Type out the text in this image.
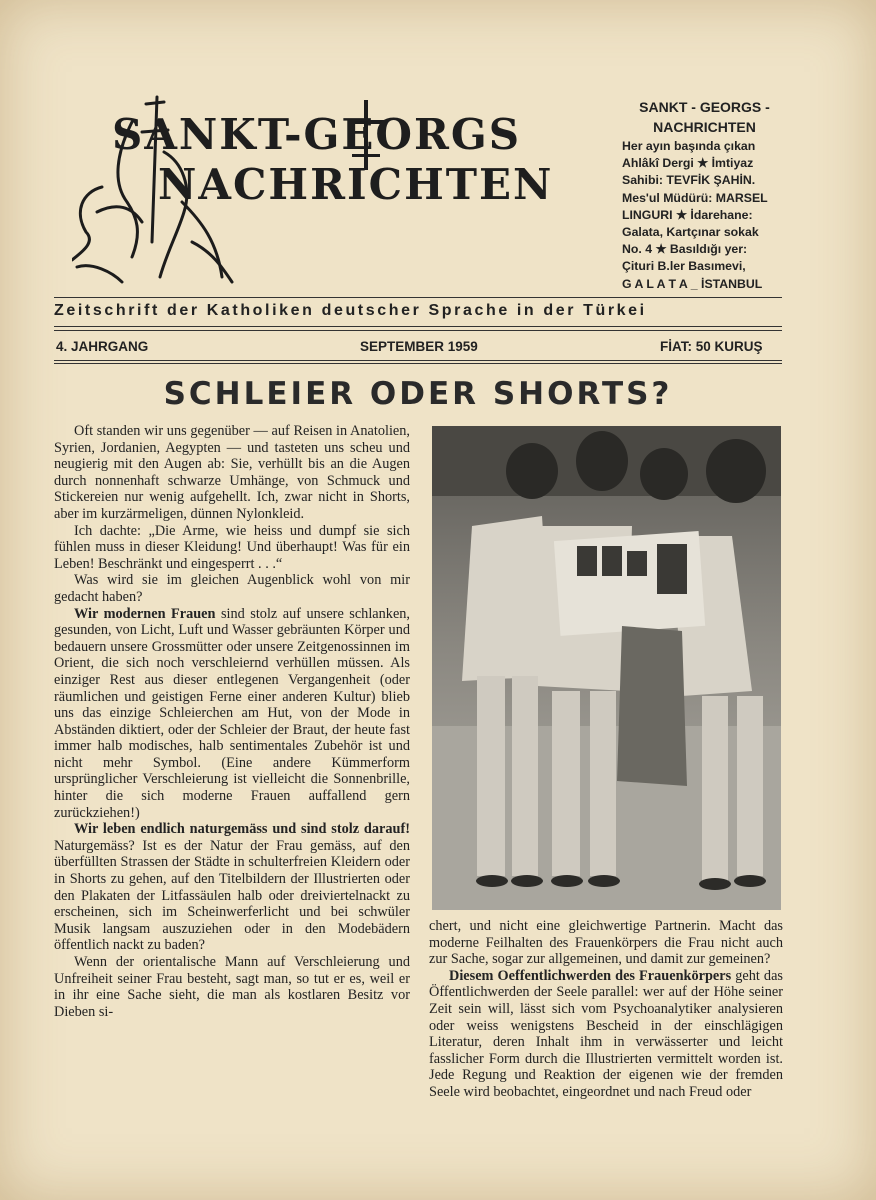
SANKT-GEORGS
NACHRICHTEN
SANKT - GEORGS -
NACHRICHTEN
Her ayın başında çıkan
Ahlâkî Dergi ★ İmtiyaz
Sahibi: TEVFİK ŞAHİN.
Mes'ul Müdürü: MARSEL
LINGURI ★ İdarehane:
Galata, Kartçınar sokak
No. 4 ★ Basıldığı yer:
Çituri B.ler Basımevi,
G A L A T A _ İSTANBUL
Zeitschrift der Katholiken deutscher Sprache in der Türkei
4. JAHRGANG	SEPTEMBER 1959	FİAT: 50 KURUŞ
SCHLEIER ODER SHORTS?

Oft standen wir uns gegenüber — auf Reisen in Anatolien, Syrien, Jordanien, Aegypten — und tasteten uns scheu und neugierig mit den Augen ab: Sie, verhüllt bis an die Augen durch nonnenhaft schwarze Umhänge, von Schmuck und Stickereien nur wenig aufgehellt. Ich, zwar nicht in Shorts, aber im kurzärmeligen, dünnen Nylonkleid.

Ich dachte: „Die Arme, wie heiss und dumpf sie sich fühlen muss in dieser Kleidung! Und überhaupt! Was für ein Leben! Beschränkt und eingesperrt . . .“

Was wird sie im gleichen Augenblick wohl von mir gedacht haben?

Wir modernen Frauen sind stolz auf unsere schlanken, gesunden, von Licht, Luft und Wasser gebräunten Körper und bedauern unsere Grossmütter oder unsere Zeitgenossinnen im Orient, die sich noch verschleiernd verhüllen müssen. Als einziger Rest aus dieser entlegenen Vergangenheit (oder räumlichen und geistigen Ferne einer anderen Kultur) blieb uns das einzige Schleierchen am Hut, von der Mode in Abständen diktiert, oder der Schleier der Braut, der heute fast immer halb modisches, halb sentimentales Zubehör ist und nicht mehr Symbol. (Eine andere Kümmerform ursprünglicher Verschleierung ist vielleicht die Sonnenbrille, hinter die sich moderne Frauen auffallend gern zurückziehen!)

Wir leben endlich naturgemäss und sind stolz darauf! Naturgemäss? Ist es der Natur der Frau gemäss, auf den überfüllten Strassen der Städte in schulterfreien Kleidern oder in Shorts zu gehen, auf den Titelbildern der Illustrierten oder den Plakaten der Litfassäulen halb oder dreiviertelnackt zu erscheinen, sich im Scheinwerferlicht und bei schwüler Musik langsam auszuziehen oder in den Modebädern öffentlich nackt zu baden?

Wenn der orientalische Mann auf Verschleierung und Unfreiheit seiner Frau besteht, sagt man, so tut er es, weil er in ihr eine Sache sieht, die man als kostlaren Besitz vor Dieben si-

chert, und nicht eine gleichwertige Partnerin. Macht das moderne Feilhalten des Frauenkörpers die Frau nicht auch zur Sache, sogar zur allgemeinen, und damit zur gemeinen?

Diesem Oeffentlichwerden des Frauenkörpers geht das Öffentlichwerden der Seele parallel: wer auf der Höhe seiner Zeit sein will, lässt sich vom Psychoanalytiker analysieren oder weiss wenigstens Bescheid in der einschlägigen Literatur, deren Inhalt ihm in verwässerter und leicht fasslicher Form durch die Illustrierten vermittelt worden ist. Jede Regung und Reaktion der eigenen wie der fremden Seele wird beobachtet, eingeordnet und nach Freud oder
